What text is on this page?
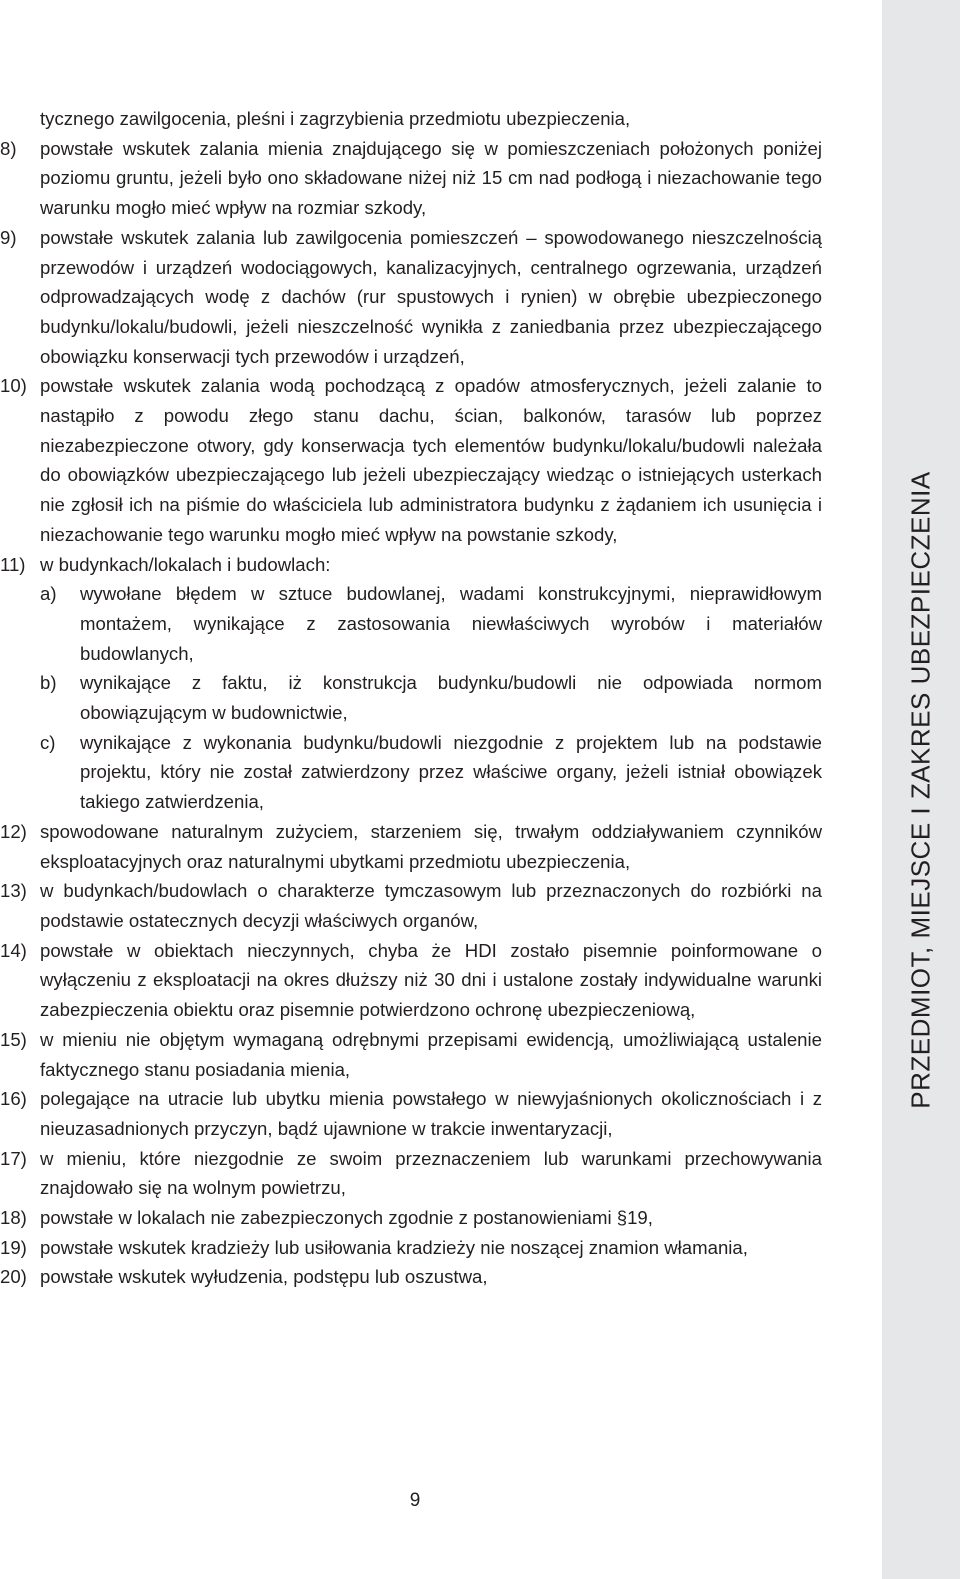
tycznego zawilgocenia, pleśni i zagrzybienia przedmiotu ubezpieczenia,
8)	powstałe wskutek zalania mienia znajdującego się w pomieszczeniach położonych poniżej poziomu gruntu, jeżeli było ono składowane niżej niż 15 cm nad podłogą i niezachowanie tego warunku mogło mieć wpływ na rozmiar szkody,
9)	powstałe wskutek zalania lub zawilgocenia pomieszczeń – spowodowanego nieszczelnością przewodów i urządzeń wodociągowych, kanalizacyjnych, centralnego ogrzewania, urządzeń odprowadzających wodę z dachów (rur spustowych i rynien) w obrębie ubezpieczonego budynku/lokalu/budowli, jeżeli nieszczelność wynikła z zaniedbania przez ubezpieczającego obowiązku konserwacji tych przewodów i urządzeń,
10) powstałe wskutek zalania wodą pochodzącą z opadów atmosferycznych, jeżeli zalanie to nastąpiło z powodu złego stanu dachu, ścian, balkonów, tarasów lub poprzez niezabezpieczone otwory, gdy konserwacja tych elementów budynku/lokalu/budowli należała do obowiązków ubezpieczającego lub jeżeli ubezpieczający wiedząc o istniejących usterkach nie zgłosił ich na piśmie do właściciela lub administratora budynku z żądaniem ich usunięcia i niezachowanie tego warunku mogło mieć wpływ na powstanie szkody,
11) w budynkach/lokalach i budowlach:
a)	wywołane błędem w sztuce budowlanej, wadami konstrukcyjnymi, nieprawidłowym montażem, wynikające z zastosowania niewłaściwych wyrobów i materiałów budowlanych,
b)	wynikające z faktu, iż konstrukcja budynku/budowli nie odpowiada normom obowiązującym w budownictwie,
c)	wynikające z wykonania budynku/budowli niezgodnie z projektem lub na podstawie projektu, który nie został zatwierdzony przez właściwe organy, jeżeli istniał obowiązek takiego zatwierdzenia,
12) spowodowane naturalnym zużyciem, starzeniem się, trwałym oddziaływaniem czynników eksploatacyjnych oraz naturalnymi ubytkami przedmiotu ubezpieczenia,
13) w budynkach/budowlach o charakterze tymczasowym lub przeznaczonych do rozbiórki na podstawie ostatecznych decyzji właściwych organów,
14) powstałe w obiektach nieczynnych, chyba że HDI zostało pisemnie poinformowane o wyłączeniu z eksploatacji na okres dłuższy niż 30 dni i ustalone zostały indywidualne warunki zabezpieczenia obiektu oraz pisemnie potwierdzono ochronę ubezpieczeniową,
15) w mieniu nie objętym wymaganą odrębnymi przepisami ewidencją, umożliwiającą ustalenie faktycznego stanu posiadania mienia,
16) polegające na utracie lub ubytku mienia powstałego w niewyjaśnionych okolicznościach i z nieuzasadnionych przyczyn, bądź ujawnione w trakcie inwentaryzacji,
17) w mieniu, które niezgodnie ze swoim przeznaczeniem lub warunkami przechowywania znajdowało się na wolnym powietrzu,
18) powstałe w lokalach nie zabezpieczonych zgodnie z postanowieniami §19,
19) powstałe wskutek kradzieży lub usiłowania kradzieży nie noszącej znamion włamania,
20) powstałe wskutek wyłudzenia, podstępu lub oszustwa,
9
PRZEDMIOT, MIEJSCE I ZAKRES UBEZPIECZENIA
